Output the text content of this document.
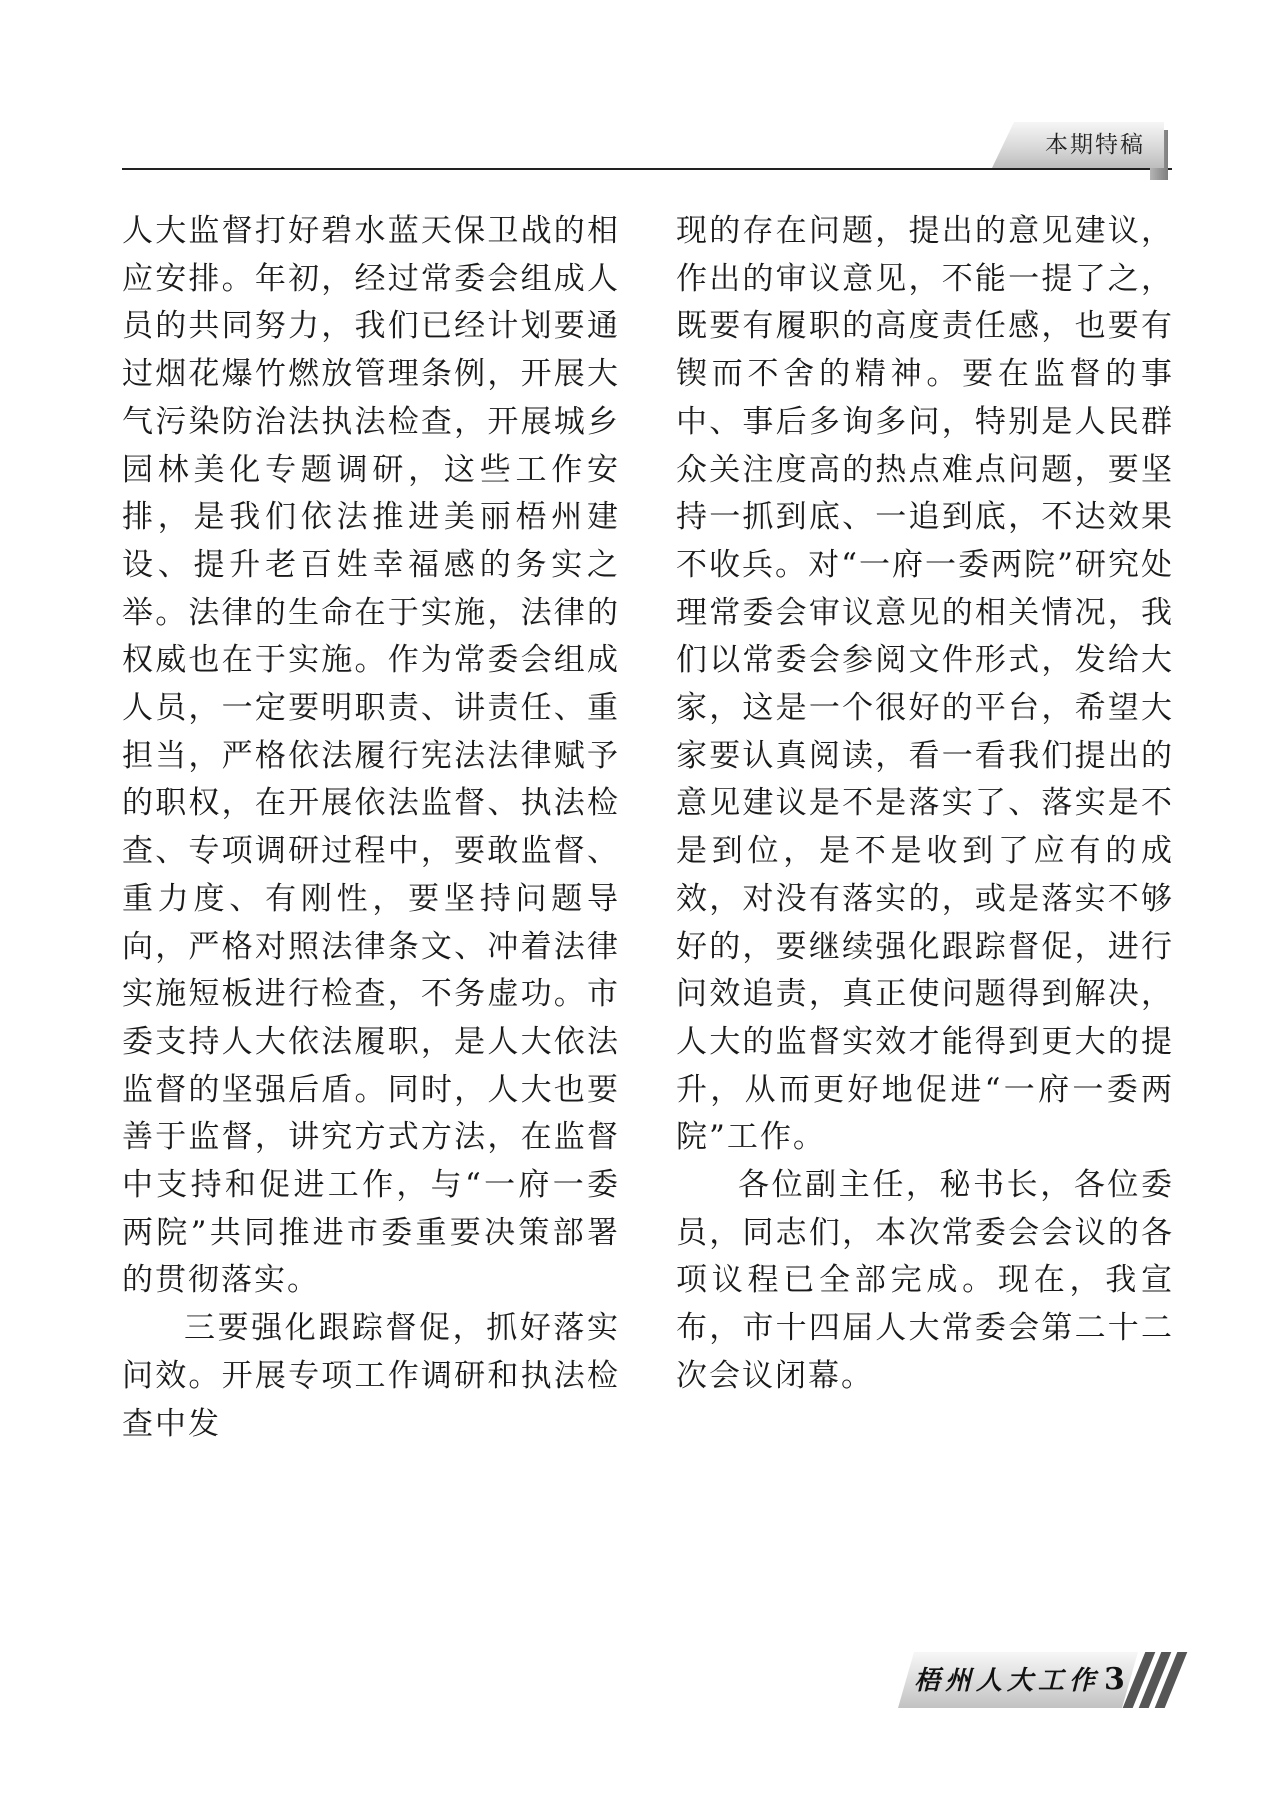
本期特稿

人大监督打好碧水蓝天保卫战的相应安排。年初，经过常委会组成人员的共同努力，我们已经计划要通过烟花爆竹燃放管理条例，开展大气污染防治法执法检查，开展城乡园林美化专题调研，这些工作安排，是我们依法推进美丽梧州建设、提升老百姓幸福感的务实之举。法律的生命在于实施，法律的权威也在于实施。作为常委会组成人员，一定要明职责、讲责任、重担当，严格依法履行宪法法律赋予的职权，在开展依法监督、执法检查、专项调研过程中，要敢监督、重力度、有刚性，要坚持问题导向，严格对照法律条文、冲着法律实施短板进行检查，不务虚功。市委支持人大依法履职，是人大依法监督的坚强后盾。同时，人大也要善于监督，讲究方式方法，在监督中支持和促进工作，与“一府一委两院”共同推进市委重要决策部署的贯彻落实。

三要强化跟踪督促，抓好落实问效。开展专项工作调研和执法检查中发

现的存在问题，提出的意见建议，作出的审议意见，不能一提了之，既要有履职的高度责任感，也要有锲而不舍的精神。要在监督的事中、事后多询多问，特别是人民群众关注度高的热点难点问题，要坚持一抓到底、一追到底，不达效果不收兵。对“一府一委两院”研究处理常委会审议意见的相关情况，我们以常委会参阅文件形式，发给大家，这是一个很好的平台，希望大家要认真阅读，看一看我们提出的意见建议是不是落实了、落实是不是到位，是不是收到了应有的成效，对没有落实的，或是落实不够好的，要继续强化跟踪督促，进行问效追责，真正使问题得到解决，人大的监督实效才能得到更大的提升，从而更好地促进“一府一委两院”工作。

各位副主任，秘书长，各位委员，同志们，本次常委会会议的各项议程已全部完成。现在，我宣布，市十四届人大常委会第二十二次会议闭幕。

梧州人大工作 3
